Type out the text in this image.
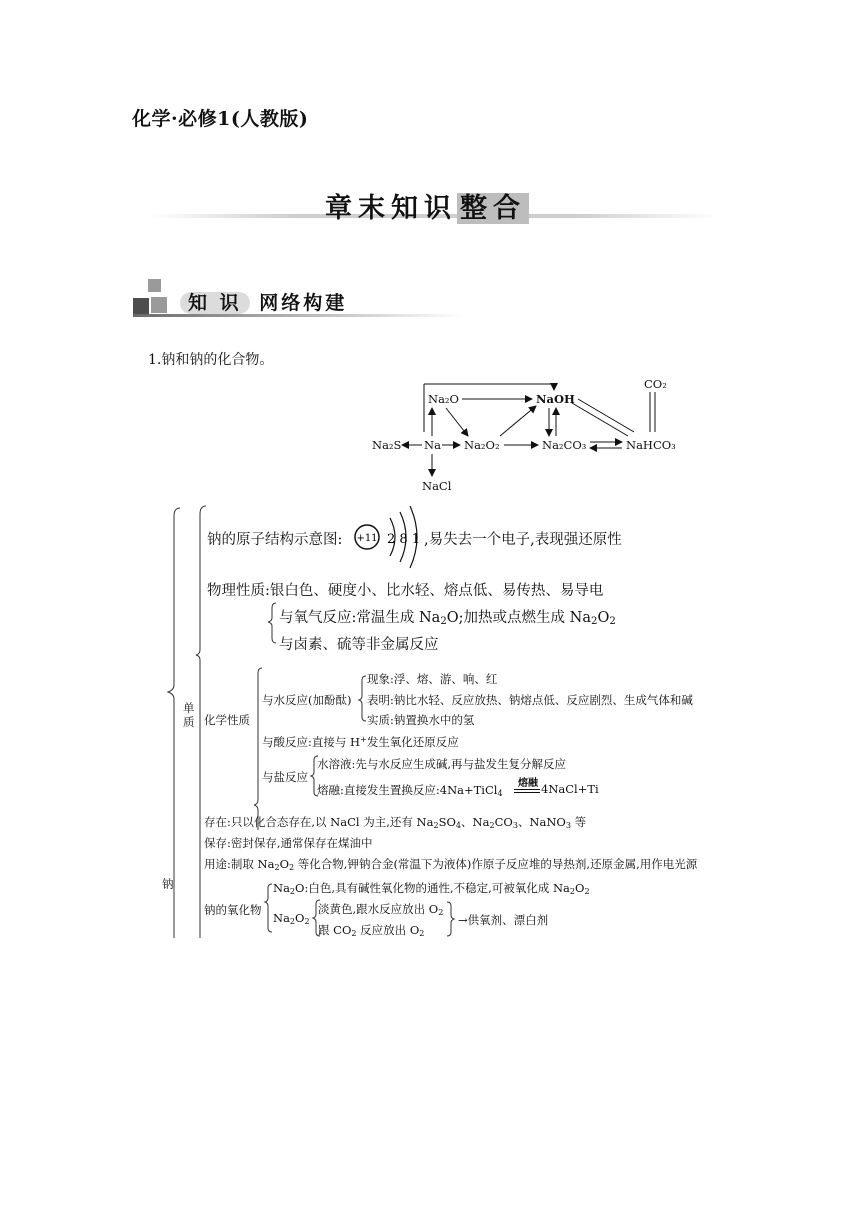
化学·必修1(人教版)
章末知识 整合
知 识 网络构建
1.钠和钠的化合物。
Na₂O	NaOH
CO₂
Na₂S Na Na₂O₂	Na₂CO₃	NaHCO₃
NaCl
钠的原子结构示意图: +11 2 8 1 ,易失去一个电子,表现强还原性
物理性质:银白色、硬度小、比水轻、熔点低、易传热、易导电
与氧气反应:常温生成 $Na_2O$;加热或点燃生成 $Na_2O_2$
与卤素、硫等非金属反应
单质
钠
化学性质
与水反应(加酚酞)
现象:浮、熔、游、响、红
表明:钠比水轻、反应放热、钠熔点低、反应剧烈、生成气体和碱
实质:钠置换水中的氢
与酸反应:直接与 H+发生氧化还原反应
与盐反应
水溶液:先与水反应生成碱,再与盐发生复分解反应
熔融:直接发生置换反应:4Na+TiCl$_4$
熔融 4NaCl+Ti
存在:只以化合态存在,以 NaCl 为主,还有 $Na_2SO_4$、$Na_2CO_3$、NaNO$_3$ 等
保存:密封保存,通常保存在煤油中
用途:制取 $Na_2O_2$ 等化合物,钾钠合金(常温下为液体)作原子反应堆的导热剂,还原金属,用作电光源
钠的氧化物
$Na_2O$:白色,具有碱性氧化物的通性,不稳定,可被氧化成 $Na_2O_2$
$Na_2O_2$
淡黄色,跟水反应放出 $O_2$
跟 $CO_2$ 反应放出 $O_2$
→供氧剂、漂白剂
